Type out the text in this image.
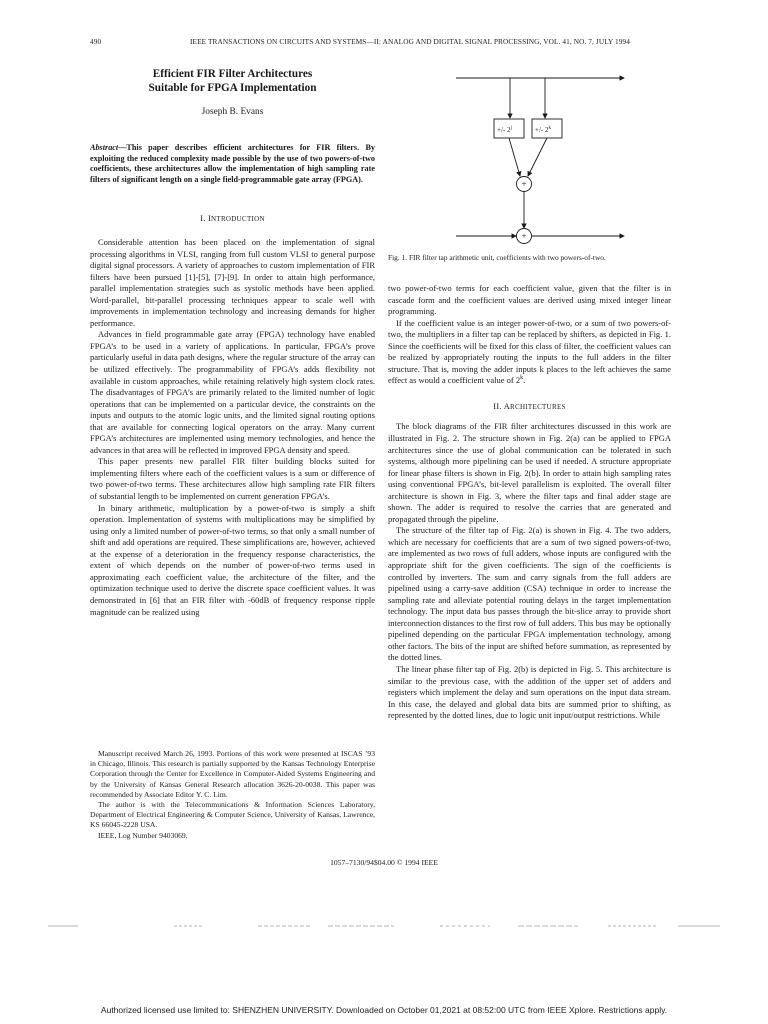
490	IEEE TRANSACTIONS ON CIRCUITS AND SYSTEMS—II: ANALOG AND DIGITAL SIGNAL PROCESSING, VOL. 41, NO. 7, JULY 1994
Efficient FIR Filter Architectures
Suitable for FPGA Implementation
Joseph B. Evans
Abstract—This paper describes efficient architectures for FIR filters. By exploiting the reduced complexity made possible by the use of two powers-of-two coefficients, these architectures allow the implementation of high sampling rate filters of significant length on a single field-programmable gate array (FPGA).
I. INTRODUCTION

Considerable attention has been placed on the implementation of signal processing algorithms in VLSI, ranging from full custom VLSI to general purpose digital signal processors. A variety of approaches to custom implementation of FIR filters have been pursued [1]-[5], [7]-[9]. In order to attain high performance, parallel implementation strategies such as systolic methods have been applied. Word-parallel, bit-parallel processing techniques appear to scale well with improvements in implementation technology and increasing demands for higher performance.

Advances in field programmable gate array (FPGA) technology have enabled FPGA’s to be used in a variety of applications. In particular, FPGA’s prove particularly useful in data path designs, where the regular structure of the array can be utilized effectively. The programmability of FPGA’s adds flexibility not available in custom approaches, while retaining relatively high system clock rates. The disadvantages of FPGA’s are primarily related to the limited number of logic operations that can be implemented on a particular device, the constraints on the inputs and outputs to the atomic logic units, and the limited signal routing options that are available for connecting logical operators on the array. Many current FPGA’s architectures are implemented using memory technologies, and hence the advances in that area will be reflected in improved FPGA density and speed.

This paper presents new parallel FIR filter building blocks suited for implementing filters where each of the coefficient values is a sum or difference of two power-of-two terms. These architectures allow high sampling rate FIR filters of substantial length to be implemented on current generation FPGA’s.

In binary arithmetic, multiplication by a power-of-two is simply a shift operation. Implementation of systems with multiplications may be simplified by using only a limited number of power-of-two terms, so that only a small number of shift and add operations are required. These simplifications are, however, achieved at the expense of a deterioration in the frequency response characteristics, the extent of which depends on the number of power-of-two terms used in approximating each coefficient value, the architecture of the filter, and the optimization technique used to derive the discrete space coefficient values. It was demonstrated in [6] that an FIR filter with -60dB of frequency response ripple magnitude can be realized using

Manuscript received March 26, 1993. Portions of this work were presented at ISCAS ’93 in Chicago, Illinois. This research is partially supported by the Kansas Technology Enterprise Corporation through the Center for Excellence in Computer-Aided Systems Engineering and by the University of Kansas General Research allocation 3626-20-0038. This paper was recommended by Associate Editor Y. C. Lim.

The author is with the Telecommunications & Information Sciences Laboratory, Department of Electrical Engineering & Computer Science, University of Kansas, Lawrence, KS 66045-2228 USA.

IEEE, Log Number 9403069.

+/- $2^j$	+/- $2^k$
+
+
Fig. 1. FIR filter tap arithmetic unit, coefficients with two powers-of-two.

two power-of-two terms for each coefficient value, given that the filter is in cascade form and the coefficient values are derived using mixed integer linear programming.

If the coefficient value is an integer power-of-two, or a sum of two powers-of-two, the multipliers in a filter tap can be replaced by shifters, as depicted in Fig. 1. Since the coefficients will be fixed for this class of filter, the coefficient values can be realized by appropriately routing the inputs to the full adders in the filter structure. That is, moving the adder inputs k places to the left achieves the same effect as would a coefficient value of 2$^k$.

II. ARCHITECTURES

The block diagrams of the FIR filter architectures discussed in this work are illustrated in Fig. 2. The structure shown in Fig. 2(a) can be applied to FPGA architectures since the use of global communication can be tolerated in such systems, although more pipelining can be used if needed. A structure appropriate for linear phase filters is shown in Fig. 2(b). In order to attain high sampling rates using conventional FPGA’s, bit-level parallelism is exploited. The overall filter architecture is shown in Fig. 3, where the filter taps and final adder stage are shown. The adder is required to resolve the carries that are generated and propagated through the pipeline.

The structure of the filter tap of Fig. 2(a) is shown in Fig. 4. The two adders, which are necessary for coefficients that are a sum of two signed powers-of-two, are implemented as two rows of full adders, whose inputs are configured with the appropriate shift for the given coefficients. The sign of the coefficients is controlled by inverters. The sum and carry signals from the full adders are pipelined using a carry-save addition (CSA) technique in order to increase the sampling rate and alleviate potential routing delays in the target implementation technology. The input data bus passes through the bit-slice array to provide short interconnection distances to the first row of full adders. This bus may be optionally pipelined depending on the particular FPGA implementation technology, among other factors. The bits of the input are shifted before summation, as represented by the dotted lines.

The linear phase filter tap of Fig. 2(b) is depicted in Fig. 5. This architecture is similar to the previous case, with the addition of the upper set of adders and registers which implement the delay and sum operations on the input data stream. In this case, the delayed and global data bits are summed prior to shifting, as represented by the dotted lines, due to logic unit input/output restrictions. While

1057–7130/94$04.00 © 1994 IEEE
Authorized licensed use limited to: SHENZHEN UNIVERSITY. Downloaded on October 01,2021 at 08:52:00 UTC from IEEE Xplore. Restrictions apply.
